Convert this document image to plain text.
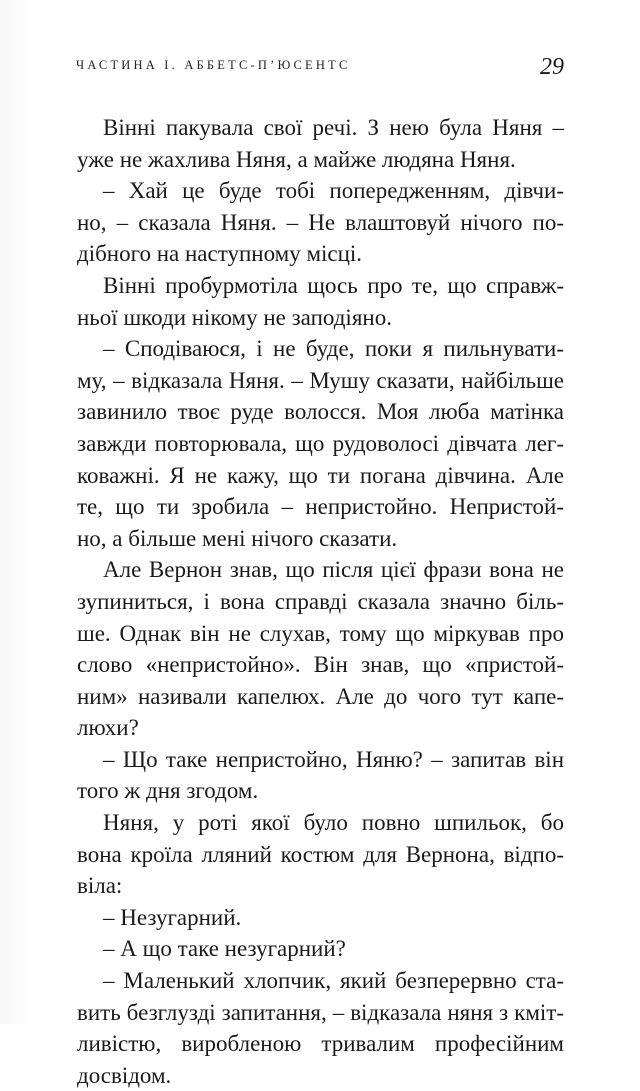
ЧАСТИНА І. АББЕТС-П’ЮСЕНТС	29
Вінні пакувала свої речі. З нею була Няня –
уже не жахлива Няня, а майже людяна Няня.
– Хай це буде тобі попередженням, дівчи-
но, – сказала Няня. – Не влаштовуй нічого по-
дібного на наступному місці.
Вінні пробурмотіла щось про те, що справж-
ньої шкоди нікому не заподіяно.
– Сподіваюся, і не буде, поки я пильнувати-
му, – відказала Няня. – Мушу сказати, найбільше
завинило твоє руде волосся. Моя люба матінка
завжди повторювала, що рудоволосі дівчата лег-
коважні. Я не кажу, що ти погана дівчина. Але
те, що ти зробила – непристойно. Непристой-
но, а більше мені нічого сказати.
Але Вернон знав, що після цієї фрази вона не
зупиниться, і вона справді сказала значно біль-
ше. Однак він не слухав, тому що міркував про
слово «непристойно». Він знав, що «пристой-
ним» називали капелюх. Але до чого тут капе-
люхи?
– Що таке непристойно, Няню? – запитав він
того ж дня згодом.
Няня, у роті якої було повно шпильок, бо
вона кроїла лляний костюм для Вернона, відпо-
віла:
– Незугарний.
– А що таке незугарний?
– Маленький хлопчик, який безперервно ста-
вить безглузді запитання, – відказала няня з кміт-
ливістю, виробленою тривалим професійним
досвідом.
